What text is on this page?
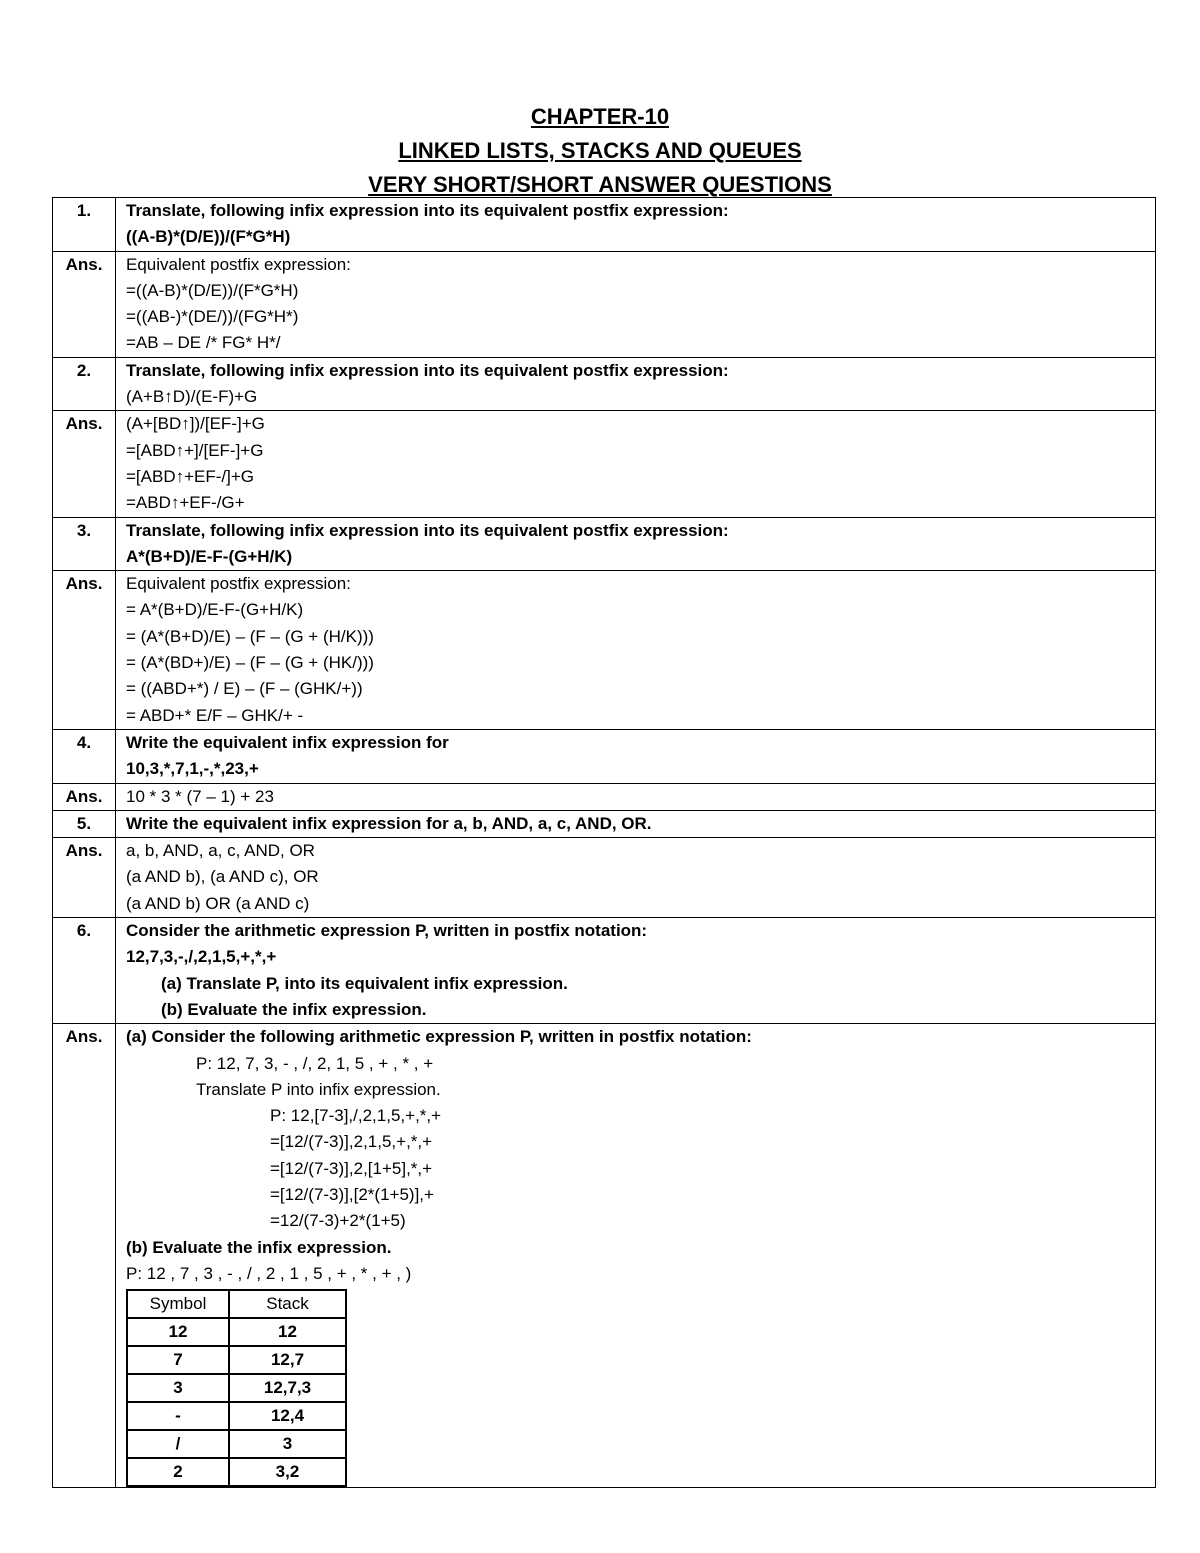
CHAPTER-10
LINKED LISTS, STACKS AND QUEUES
VERY SHORT/SHORT ANSWER QUESTIONS
1.	Translate, following infix expression into its equivalent postfix expression:
((A-B)*(D/E))/(F*G*H)

Ans.	Equivalent postfix expression:
=((A-B)*(D/E))/(F*G*H)
=((AB-)*(DE/))/(FG*H*)
=AB – DE /* FG* H*/

2.	Translate, following infix expression into its equivalent postfix expression:
(A+B↑D)/(E-F)+G

Ans.	(A+[BD↑])/[EF-]+G
=[ABD↑+]/[EF-]+G
=[ABD↑+EF-/]+G
=ABD↑+EF-/G+

3.	Translate, following infix expression into its equivalent postfix expression:
A*(B+D)/E-F-(G+H/K)

Ans.	Equivalent postfix expression:
= A*(B+D)/E-F-(G+H/K)
= (A*(B+D)/E) – (F – (G + (H/K)))
= (A*(BD+)/E) – (F – (G + (HK/)))
= ((ABD+*) / E) – (F – (GHK/+))
= ABD+* E/F – GHK/+ -

4.	Write the equivalent infix expression for
10,3,*,7,1,-,*,23,+

Ans.	10 * 3 * (7 – 1) + 23

5.	Write the equivalent infix expression for a, b, AND, a, c, AND, OR.

Ans.	a, b, AND, a, c, AND, OR
(a AND b), (a AND c), OR
(a AND b) OR (a AND c)

6.	Consider the arithmetic expression P, written in postfix notation:
12,7,3,-,/,2,1,5,+,*,+
(a) Translate P, into its equivalent infix expression.
(b) Evaluate the infix expression.

Ans.	(a) Consider the following arithmetic expression P, written in postfix notation:
P: 12, 7, 3, - , /, 2, 1, 5 , + , * , +
Translate P into infix expression.
P: 12,[7-3],/,2,1,5,+,*,+
=[12/(7-3)],2,1,5,+,*,+
=[12/(7-3)],2,[1+5],*,+
=[12/(7-3)],[2*(1+5)],+
=12/(7-3)+2*(1+5)
(b) Evaluate the infix expression.
P: 12 , 7 , 3 , - , / , 2 , 1 , 5 , + , * , + , )
Symbol	Stack
12	12
7	12,7
3	12,7,3
-	12,4
/	3
2	3,2
